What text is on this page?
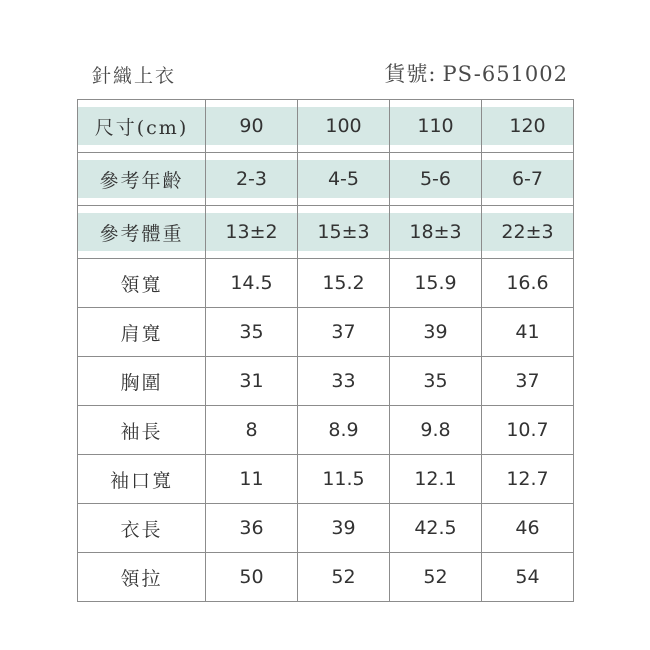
針織上衣	貨號: PS-651002
尺寸(cm)	90	100	110	120

參考年齡	2-3	4-5	5-6	6-7

參考體重	13±2	15±3	18±3	22±3

領寬	14.5	15.2	15.9	16.6
肩寬	35	37	39	41
胸圍	31	33	35	37
袖長	8	8.9	9.8	10.7
袖口寬	11	11.5	12.1	12.7
衣長	36	39	42.5	46
領拉	50	52	52	54
